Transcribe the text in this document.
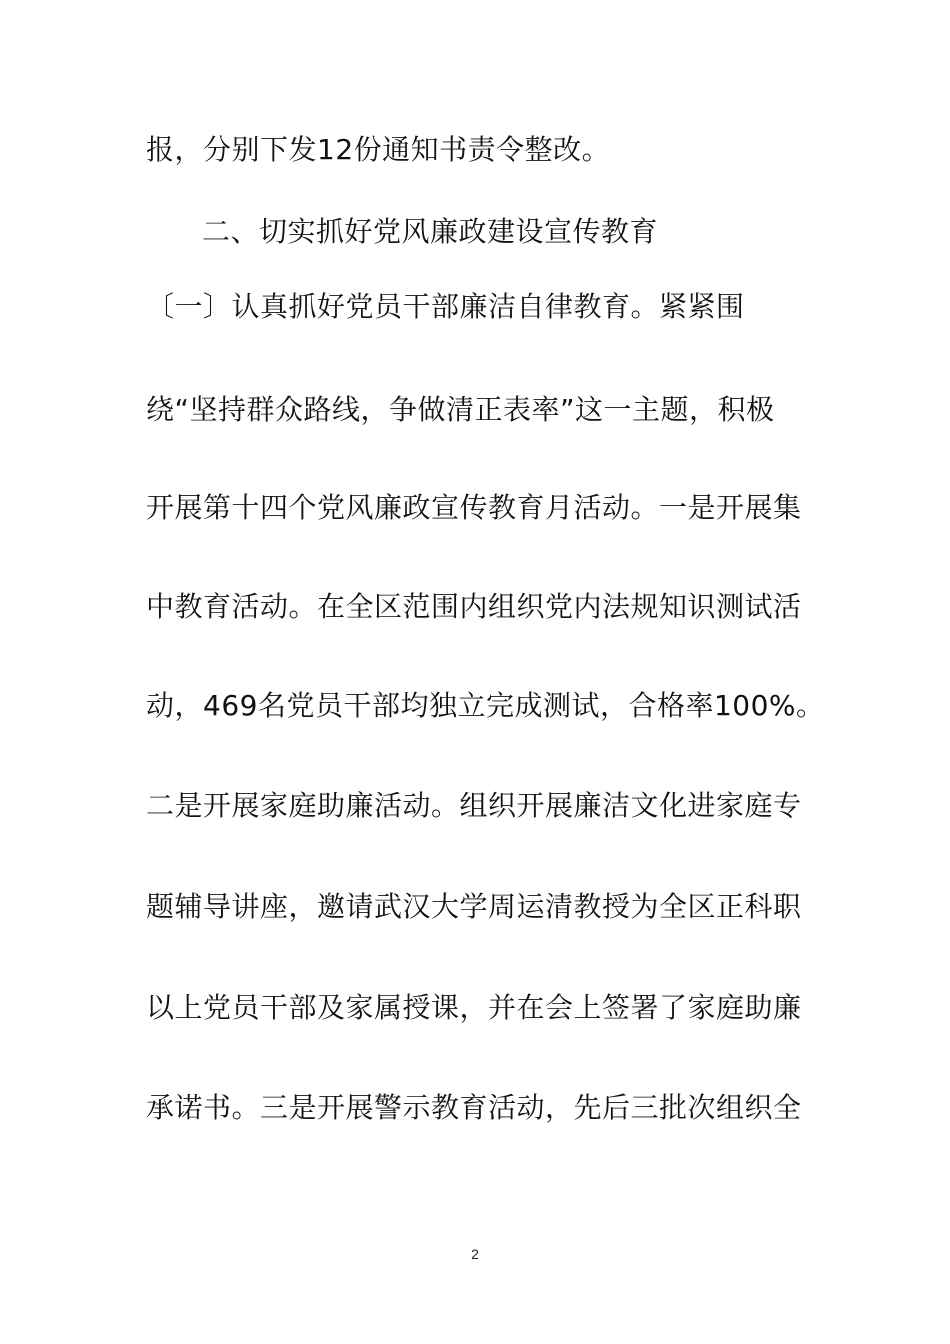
报，分别下发12份通知书责令整改。
二、切实抓好党风廉政建设宣传教育
〔一〕认真抓好党员干部廉洁自律教育。紧紧围
绕“坚持群众路线，争做清正表率”这一主题，积极
开展第十四个党风廉政宣传教育月活动。一是开展集
中教育活动。在全区范围内组织党内法规知识测试活
动，469名党员干部均独立完成测试，合格率100%。
二是开展家庭助廉活动。组织开展廉洁文化进家庭专
题辅导讲座，邀请武汉大学周运清教授为全区正科职
以上党员干部及家属授课，并在会上签署了家庭助廉
承诺书。三是开展警示教育活动，先后三批次组织全
2
